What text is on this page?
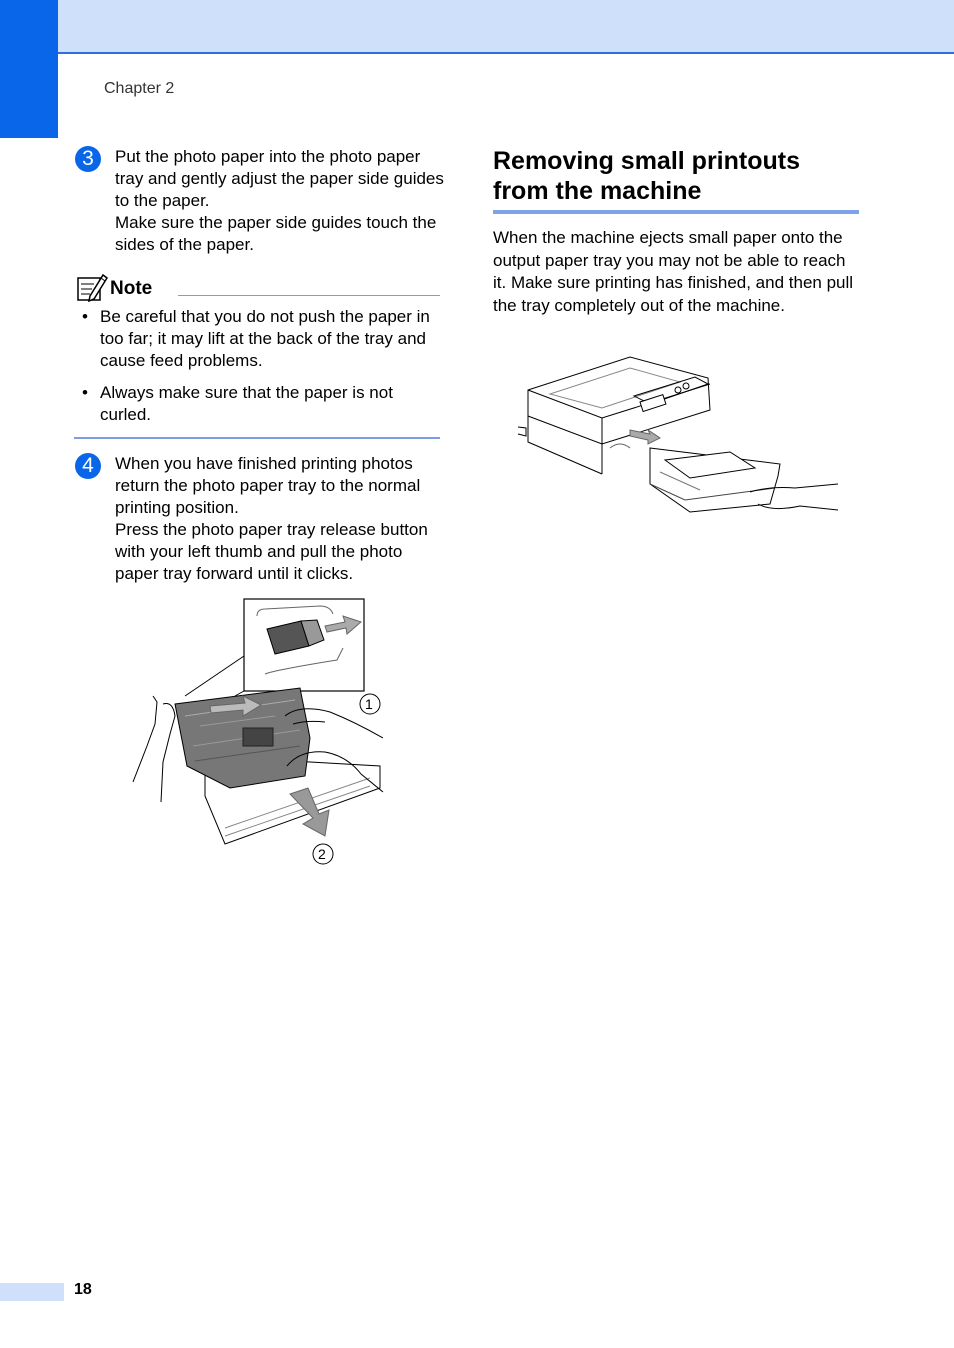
Chapter 2
3	Put the photo paper into the photo paper tray and gently adjust the paper side guides to the paper.

Make sure the paper side guides touch the sides of the paper.

Note
• Be careful that you do not push the paper in too far; it may lift at the back of the tray and cause feed problems.
• Always make sure that the paper is not curled.
4	When you have finished printing photos return the photo paper tray to the normal printing position.

Press the photo paper tray release button with your left thumb and pull the photo paper tray forward until it clicks.

1
2
Removing small printouts from the machine

When the machine ejects small paper onto the output paper tray you may not be able to reach it. Make sure printing has finished, and then pull the tray completely out of the machine.

18
